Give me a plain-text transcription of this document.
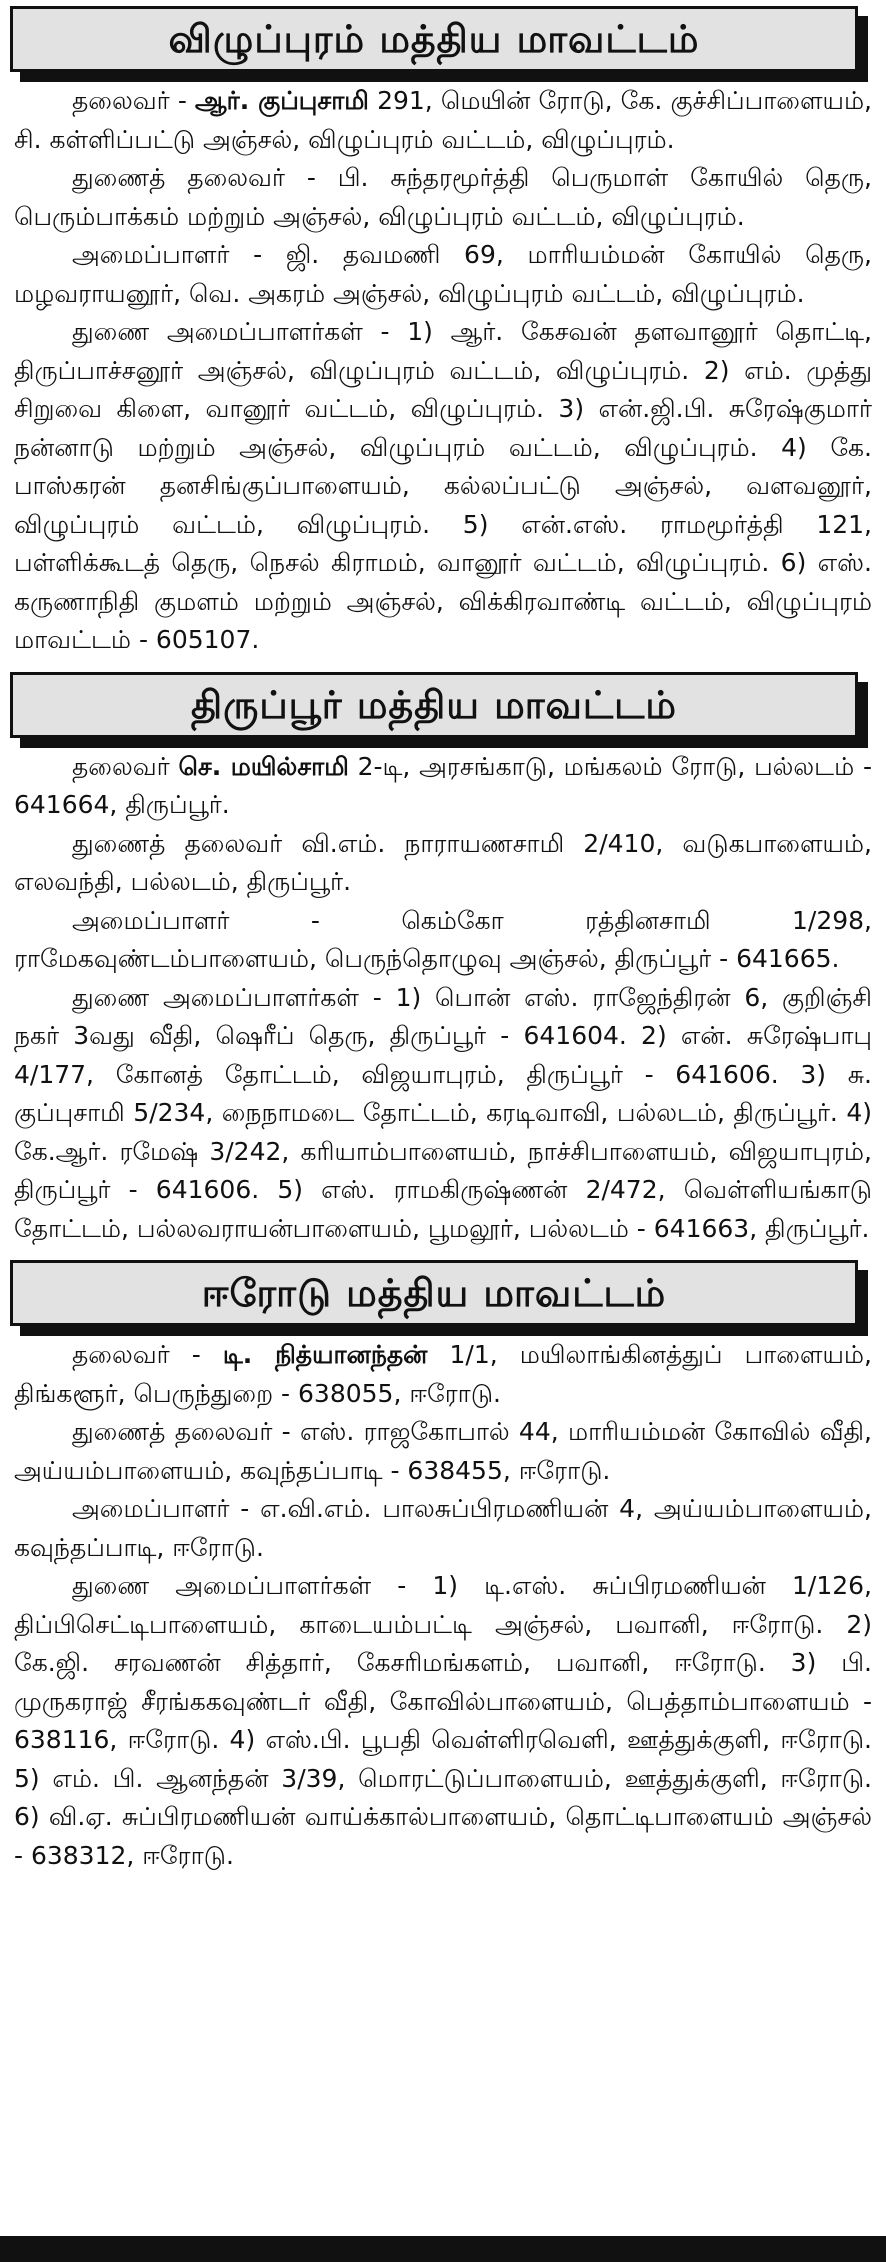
விழுப்புரம் மத்திய மாவட்டம்

தலைவர் - ஆர். குப்புசாமி 291, மெயின் ரோடு, கே. குச்சிப்பாளையம், சி. கள்ளிப்பட்டு அஞ்சல், விழுப்புரம் வட்டம், விழுப்புரம்.

துணைத் தலைவர் - பி. சுந்தரமூர்த்தி பெருமாள் கோயில் தெரு, பெரும்பாக்கம் மற்றும் அஞ்சல், விழுப்புரம் வட்டம், விழுப்புரம்.

அமைப்பாளர் - ஜி. தவமணி 69, மாரியம்மன் கோயில் தெரு, மழவராயனூர், வெ. அகரம் அஞ்சல், விழுப்புரம் வட்டம், விழுப்புரம்.

துணை அமைப்பாளர்கள் - 1) ஆர். கேசவன் தளவானூர் தொட்டி, திருப்பாச்சனூர் அஞ்சல், விழுப்புரம் வட்டம், விழுப்புரம். 2) எம். முத்து சிறுவை கிளை, வானூர் வட்டம், விழுப்புரம். 3) என்.ஜி.பி. சுரேஷ்குமார் நன்னாடு மற்றும் அஞ்சல், விழுப்புரம் வட்டம், விழுப்புரம். 4) கே. பாஸ்கரன் தனசிங்குப்பாளையம், கல்லப்பட்டு அஞ்சல், வளவனூர், விழுப்புரம் வட்டம், விழுப்புரம். 5) என்.எஸ். ராமமூர்த்தி 121, பள்ளிக்கூடத் தெரு, நெசல் கிராமம், வானூர் வட்டம், விழுப்புரம். 6) எஸ். கருணாநிதி குமளம் மற்றும் அஞ்சல், விக்கிரவாண்டி வட்டம், விழுப்புரம் மாவட்டம் - 605107.

திருப்பூர் மத்திய மாவட்டம்

தலைவர் செ. மயில்சாமி 2-டி, அரசங்காடு, மங்கலம் ரோடு, பல்லடம் - 641664, திருப்பூர்.

துணைத் தலைவர் வி.எம். நாராயணசாமி 2/410, வடுகபாளையம், எலவந்தி, பல்லடம், திருப்பூர்.

அமைப்பாளர் - கெம்கோ ரத்தினசாமி 1/298, ராமேகவுண்டம்பாளையம், பெருந்தொழுவு அஞ்சல், திருப்பூர் - 641665.

துணை அமைப்பாளர்கள் - 1) பொன் எஸ். ராஜேந்திரன் 6, குறிஞ்சி நகர் 3வது வீதி, ஷெரீப் தெரு, திருப்பூர் - 641604. 2) என். சுரேஷ்பாபு 4/177, கோனத் தோட்டம், விஜயாபுரம், திருப்பூர் - 641606. 3) சு. குப்புசாமி 5/234, நைநாமடை தோட்டம், கரடிவாவி, பல்லடம், திருப்பூர். 4) கே.ஆர். ரமேஷ் 3/242, கரியாம்பாளையம், நாச்சிபாளையம், விஜயாபுரம், திருப்பூர் - 641606. 5) எஸ். ராமகிருஷ்ணன் 2/472, வெள்ளியங்காடு தோட்டம், பல்லவராயன்பாளையம், பூமலூர், பல்லடம் - 641663, திருப்பூர்.

ஈரோடு மத்திய மாவட்டம்

தலைவர் - டி. நித்யானந்தன் 1/1, மயிலாங்கினத்துப் பாளையம், திங்களூர், பெருந்துறை - 638055, ஈரோடு.

துணைத் தலைவர் - எஸ். ராஜகோபால் 44, மாரியம்மன் கோவில் வீதி, அய்யம்பாளையம், கவுந்தப்பாடி - 638455, ஈரோடு.

அமைப்பாளர் - எ.வி.எம். பாலசுப்பிரமணியன் 4, அய்யம்பாளையம், கவுந்தப்பாடி, ஈரோடு.

துணை அமைப்பாளர்கள் - 1) டி.எஸ். சுப்பிரமணியன் 1/126, திப்பிசெட்டிபாளையம், காடையம்பட்டி அஞ்சல், பவானி, ஈரோடு. 2) கே.ஜி. சரவணன் சித்தார், கேசரிமங்களம், பவானி, ஈரோடு. 3) பி. முருகராஜ் சீரங்ககவுண்டர் வீதி, கோவில்பாளையம், பெத்தாம்பாளையம் - 638116, ஈரோடு. 4) எஸ்.பி. பூபதி வெள்ளிரவெளி, ஊத்துக்குளி, ஈரோடு. 5) எம். பி. ஆனந்தன் 3/39, மொரட்டுப்பாளையம், ஊத்துக்குளி, ஈரோடு. 6) வி.ஏ. சுப்பிரமணியன் வாய்க்கால்பாளையம், தொட்டிபாளையம் அஞ்சல் - 638312, ஈரோடு.
